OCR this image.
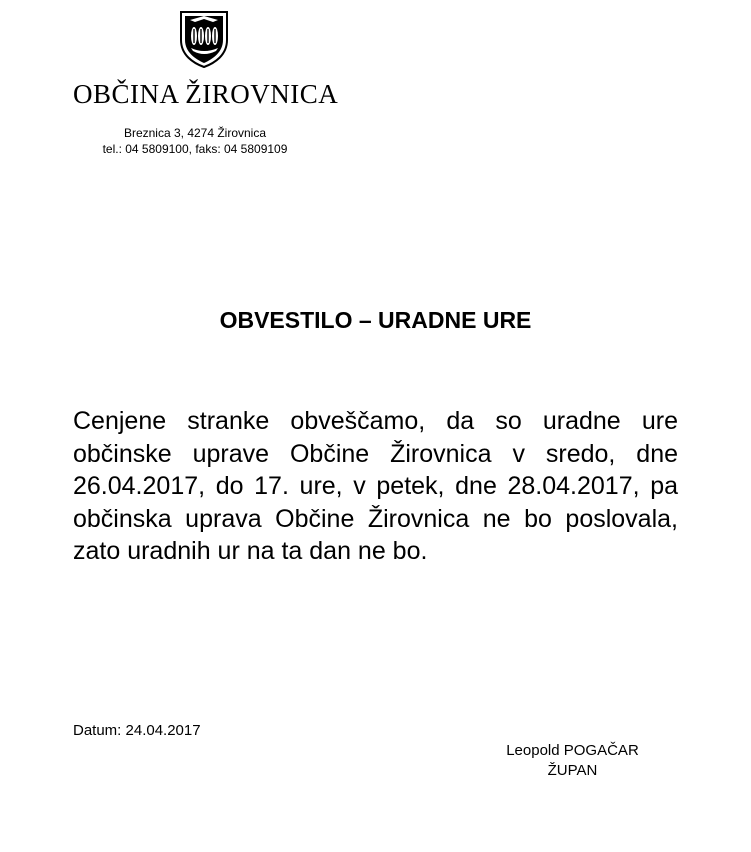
OBČINA ŽIROVNICA
Breznica 3, 4274 Žirovnica
tel.: 04 5809100, faks: 04 5809109
OBVESTILO – URADNE URE
Cenjene stranke obveščamo, da so uradne ure občinske uprave Občine Žirovnica v sredo, dne 26.04.2017, do 17. ure, v petek, dne 28.04.2017, pa občinska uprava Občine Žirovnica ne bo poslovala, zato uradnih ur na ta dan ne bo.
Datum: 24.04.2017
Leopold POGAČAR
ŽUPAN
